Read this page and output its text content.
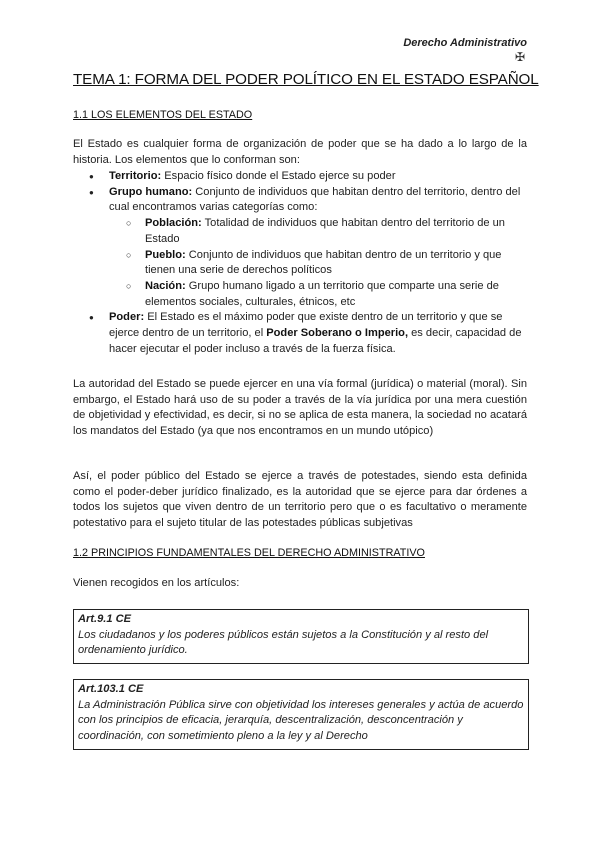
Derecho Administrativo
✠
TEMA 1: FORMA DEL PODER POLÍTICO EN EL ESTADO ESPAÑOL
1.1 LOS ELEMENTOS DEL ESTADO

El Estado es cualquier forma de organización de poder que se ha dado a lo largo de la historia. Los elementos que lo conforman son:

● Territorio: Espacio físico donde el Estado ejerce su poder
● Grupo humano: Conjunto de individuos que habitan dentro del territorio, dentro del cual encontramos varias categorías como:
○ Población: Totalidad de individuos que habitan dentro del territorio de un Estado
○ Pueblo: Conjunto de individuos que habitan dentro de un territorio y que tienen una serie de derechos políticos
○ Nación: Grupo humano ligado a un territorio que comparte una serie de elementos sociales, culturales, étnicos, etc
● Poder: El Estado es el máximo poder que existe dentro de un territorio y que se ejerce dentro de un territorio, el Poder Soberano o Imperio, es decir, capacidad de hacer ejecutar el poder incluso a través de la fuerza física.

La autoridad del Estado se puede ejercer en una vía formal (jurídica) o material (moral). Sin embargo, el Estado hará uso de su poder a través de la vía jurídica por una mera cuestión de objetividad y efectividad, es decir, si no se aplica de esta manera, la sociedad no acatará los mandatos del Estado (ya que nos encontramos en un mundo utópico)

Así, el poder público del Estado se ejerce a través de potestades, siendo esta definida como el poder-deber jurídico finalizado, es la autoridad que se ejerce para dar órdenes a todos los sujetos que viven dentro de un territorio pero que o es facultativo o meramente potestativo para el sujeto titular de las potestades públicas subjetivas

1.2 PRINCIPIOS FUNDAMENTALES DEL DERECHO ADMINISTRATIVO

Vienen recogidos en los artículos:

Art.9.1 CE
Los ciudadanos y los poderes públicos están sujetos a la Constitución y al resto del ordenamiento jurídico.
Art.103.1 CE
La Administración Pública sirve con objetividad los intereses generales y actúa de acuerdo con los principios de eficacia, jerarquía, descentralización, desconcentración y coordinación, con sometimiento pleno a la ley y al Derecho
